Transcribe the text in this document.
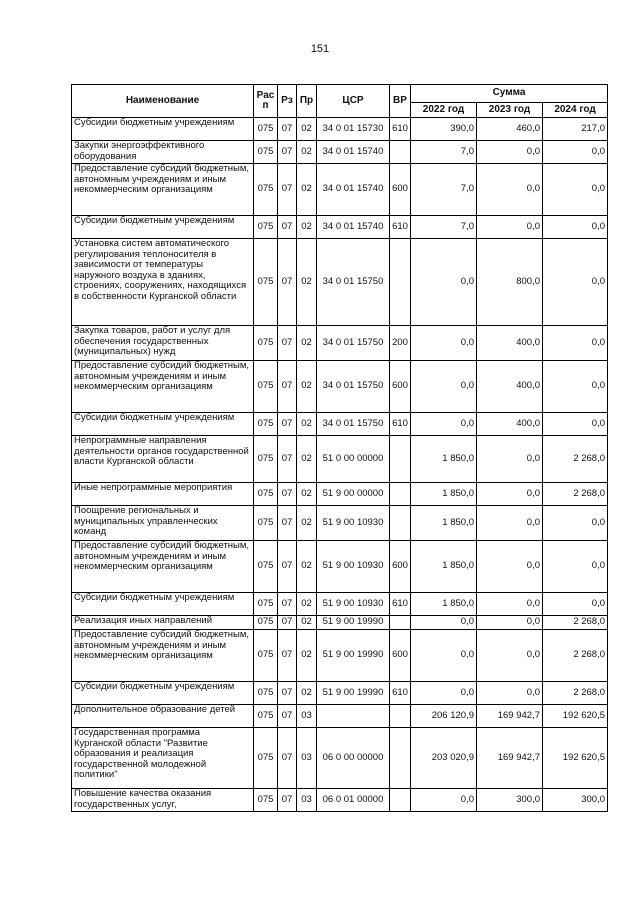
151
Наименование	Рас п	Рз	Пр	ЦСР	ВР	Сумма		
						2022 год	2023 год	2024 год
Субсидии бюджетным учреждениям	075	07	02	34 0 01 15730	610	390,0	460,0	217,0
Закупки энергоэффективного оборудования	075	07	02	34 0 01 15740		7,0	0,0	0,0
Предоставление субсидий бюджетным, автономным учреждениям и иным некоммерческим организациям	075	07	02	34 0 01 15740	600	7,0	0,0	0,0
Субсидии бюджетным учреждениям	075	07	02	34 0 01 15740	610	7,0	0,0	0,0
Установка систем автоматического регулирования теплоносителя в зависимости от температуры наружного воздуха в зданиях, строениях, сооружениях, находящихся в собственности Курганской области	075	07	02	34 0 01 15750		0,0	800,0	0,0
Закупка товаров, работ и услуг для обеспечения государственных (муниципальных) нужд	075	07	02	34 0 01 15750	200	0,0	400,0	0,0
Предоставление субсидий бюджетным, автономным учреждениям и иным некоммерческим организациям	075	07	02	34 0 01 15750	600	0,0	400,0	0,0
Субсидии бюджетным учреждениям	075	07	02	34 0 01 15750	610	0,0	400,0	0,0
Непрограммные направления деятельности органов государственной власти Курганской области	075	07	02	51 0 00 00000		1 850,0	0,0	2 268,0
Иные непрограммные мероприятия	075	07	02	51 9 00 00000		1 850,0	0,0	2 268,0
Поощрение региональных и муниципальных управленческих команд	075	07	02	51 9 00 10930		1 850,0	0,0	0,0
Предоставление субсидий бюджетным, автономным учреждениям и иным некоммерческим организациям	075	07	02	51 9 00 10930	600	1 850,0	0,0	0,0
Субсидии бюджетным учреждениям	075	07	02	51 9 00 10930	610	1 850,0	0,0	0,0
Реализация иных направлений	075	07	02	51 9 00 19990		0,0	0,0	2 268,0
Предоставление субсидий бюджетным, автономным учреждениям и иным некоммерческим организациям	075	07	02	51 9 00 19990	600	0,0	0,0	2 268,0
Субсидии бюджетным учреждениям	075	07	02	51 9 00 19990	610	0,0	0,0	2 268,0
Дополнительное образование детей	075	07	03			206 120,9	169 942,7	192 620,5
Государственная программа Курганской области "Развитие образования и реализация государственной молодежной политики"	075	07	03	06 0 00 00000		203 020,9	169 942,7	192 620,5
Повышение качества оказания государственных услуг,	075	07	03	06 0 01 00000		0,0	300,0	300,0
